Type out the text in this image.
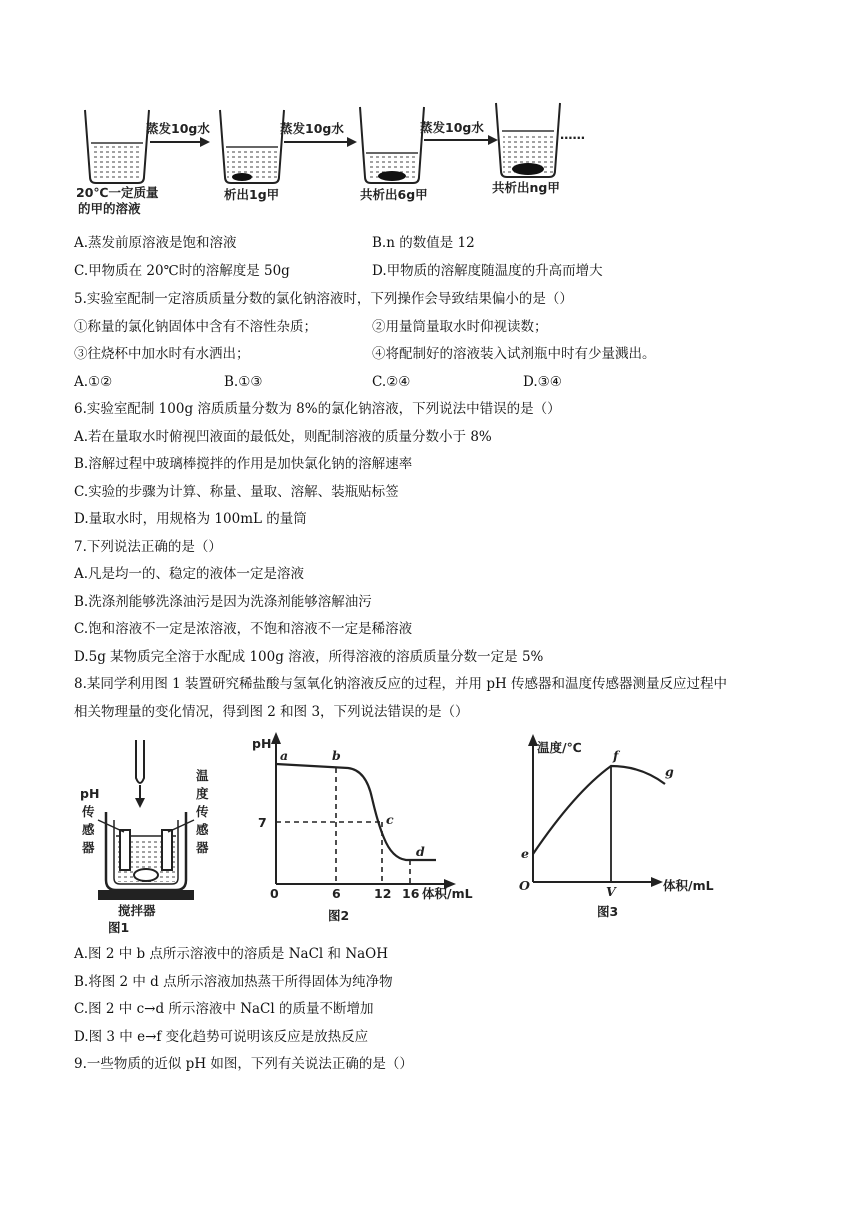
蒸发10g水	蒸发10g水	蒸发10g水	……
20℃一定质量
的甲的溶液
析出1g甲	共析出6g甲	共析出ng甲
A.蒸发前原溶液是饱和溶液	B.n 的数值是 12
C.甲物质在 20℃时的溶解度是 50g	D.甲物质的溶解度随温度的升高而增大
5.实验室配制一定溶质质量分数的氯化钠溶液时，下列操作会导致结果偏小的是（）
①称量的氯化钠固体中含有不溶性杂质；	②用量筒量取水时仰视读数；
③往烧杯中加水时有水洒出；	④将配制好的溶液装入试剂瓶中时有少量溅出。
A.①②	B.①③	C.②④	D.③④
6.实验室配制 100g 溶质质量分数为 8%的氯化钠溶液，下列说法中错误的是（）
A.若在量取水时俯视凹液面的最低处，则配制溶液的质量分数小于 8%
B.溶解过程中玻璃棒搅拌的作用是加快氯化钠的溶解速率
C.实验的步骤为计算、称量、量取、溶解、装瓶贴标签
D.量取水时，用规格为 100mL 的量筒
7.下列说法正确的是（）
A.凡是均一的、稳定的液体一定是溶液
B.洗涤剂能够洗涤油污是因为洗涤剂能够溶解油污
C.饱和溶液不一定是浓溶液，不饱和溶液不一定是稀溶液
D.5g 某物质完全溶于水配成 100g 溶液，所得溶液的溶质质量分数一定是 5%
8.某同学利用图 1 装置研究稀盐酸与氢氧化钠溶液反应的过程，并用 pH 传感器和温度传感器测量反应过程中
相关物理量的变化情况，得到图 2 和图 3，下列说法错误的是（）
pH
传
感
器
温
度
传
感
器
搅拌器
图1
pH
7
0	6	12 16 体积/mL
a	b
c
d
图2
温度/℃
O	V	体积/mL
e
f
g
图3
A.图 2 中 b 点所示溶液中的溶质是 NaCl 和 NaOH
B.将图 2 中 d 点所示溶液加热蒸干所得固体为纯净物
C.图 2 中 c→d 所示溶液中 NaCl 的质量不断增加
D.图 3 中 e→f 变化趋势可说明该反应是放热反应
9.一些物质的近似 pH 如图，下列有关说法正确的是（）
